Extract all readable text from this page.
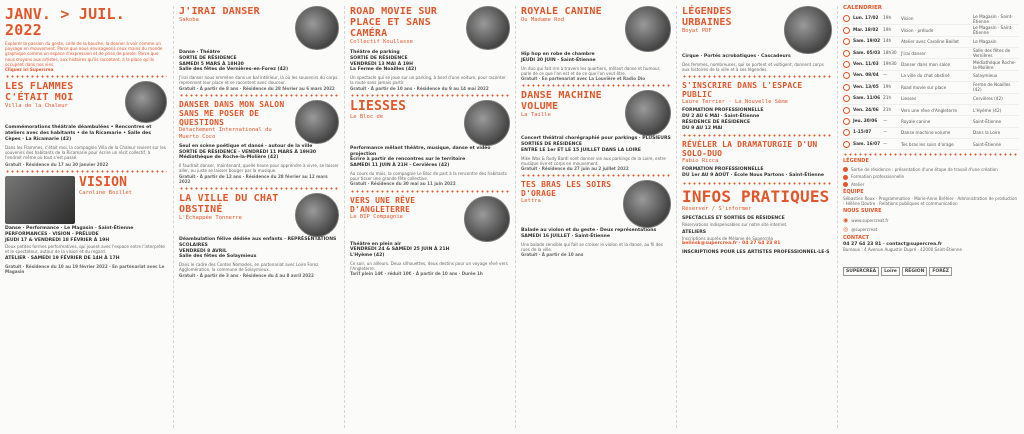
JANV. > JUIL. 2022
Explorer la passion du geste, celle de la bouche, la donner à voir comme un paysage en mouvement. Parce que nous envisageons ceux mains du monde graphique comme un espace d'expression et de prise de parole. Parce que nous croyons aux artistes, aux histoires qu'ils racontent, à la place qu'ils occupent dans nos vies.
Cliquez ici Supercrea
LES FLAMMES C'ÉTAIT MOI
Villa de la Chaleur
Commémorations théâtrale déambulées • Rencontres et ateliers avec des habitants • de la Ricamarie • Salle des Cèpes · La Ricamarie (42)
Dans les Flammes, c'était moi, la compagnie Villa de la Chaleur revient sur les souvenirs des habitants de la Ricamarie pour écrire un récit collectif, à l'endroit même où tout s'est passé.
Gratuit · Résidence du 17 au 30 janvier 2022
VISION
Caroline Boillet
Danse · Performance · Le Magasin · Saint-Étienne
PERFORMANCES · VISION · PRÉLUDE
JEUDI 17 & VENDREDI 18 FÉVRIER À 19H
Deux petites formes performatives, qui jouent avec l'espace entre l'interprète et le spectateur, autour de la vision et du regard.
ATELIER · SAMEDI 19 FÉVRIER DE 14H À 17H
Gratuit · Résidence du 10 au 19 février 2022 · En partenariat avec Le Magasin
J'IRAI DANSER
Sakoba
Danse · Théâtre
SORTIE DE RÉSIDENCE
SAMEDI 5 MARS À 18H30
Salle des fêtes de Vernières-en-Forez (42)
J'irai danser nous emmène dans un bal intérieur, là où les souvenirs du corps reprennent leur place et se racontent avec douceur.
Gratuit · À partir de 8 ans · Résidence du 28 février au 6 mars 2022
DANSER DANS MON SALON SANS ME POSER DE QUESTIONS
Détachement International du Muerto Coco
Seul en scène poétique et dansé · autour de la ville
SORTIE DE RÉSIDENCE · VENDREDI 11 MARS À 19H30
Médiathèque de Roche-la-Molière (42)
Il faudrait danser, maintenant, quelle heure pour apprendre à vivre, se laisser aller, ou juste se laisser bouger par la musique.
Gratuit · À partir de 12 ans · Résidence du 28 février au 12 mars 2022
LA VILLE DU CHAT OBSTINÉ
L'Échappée Tonnerre
Déambulation félive dédiée aux enfants · REPRÉSENTATIONS SCOLAIRES
VENDREDI 8 AVRIL
Salle des fêtes de Solaymieux
Dans le cadre des Contes Nomades, en partenariat avec Loire Forez Agglomération, la commune de Solaymieux.
Gratuit · À partir de 3 ans · Résidence du 4 au 8 avril 2022
ROAD MOVIE SUR PLACE ET SANS CAMÉRA
Collectif Koullasse
Théâtre de parking
SORTIE DE RÉSIDENCE
VENDREDI 13 MAI À 19H
La Ferme de Noailles (42)
Un spectacle qui se joue sur un parking, à bord d'une voiture, pour raconter la route sans jamais partir.
Gratuit · À partir de 10 ans · Résidence du 9 au 14 mai 2022
LIESSES
Le Bloc de
Performance mêlant théâtre, musique, danse et vidéo projection
Écrire à partir de rencontres sur le territoire
SAMEDI 11 JUIN À 21H · Cervières (42)
Au cours du mois, la compagnie Le Bloc de part à la rencontre des habitants pour tisser une grande fête collective.
Gratuit · Résidence du 30 mai au 11 juin 2022
VERS UNE RÊVE D'ANGLETERRE
Le BIP Compagnie
Théâtre en plein air
VENDREDI 24 & SAMEDI 25 JUIN À 21H
L'Hyème (42)
Ce soir, un ailleurs. Deux silhouettes, deux destins pour un voyage rêvé vers l'Angleterre.
Tarif plein 14€ · réduit 10€ · À partir de 10 ans · Durée 1h
ROYALE CANINE
Ou Madame Rod
Hip hop en robe de chambre
JEUDI 30 JUIN · Saint-Étienne
Un duo qui fait rire à travers les quartiers, mêlant danse et humour, parle de ce que l'on est et de ce que l'on veut être.
Gratuit · En partenariat avec La Louvière et Radio Dio
DANSE MACHINE VOLUME
La Taille
Concert théâtral chorégraphié pour parkings · PLUSIEURS SORTIES DE RÉSIDENCE
ENTRE LE 1er ET LE 15 JUILLET DANS LA LOIRE
Mike Wax & Rudy Bardi vont donner vie aux parkings de la Loire, entre musique live et corps en mouvement.
Gratuit · Résidence du 27 juin au 2 juillet 2022
TES BRAS LES SOIRS D'ORAGE
Lettra
Balade au violon et du geste · Deux représentations
SAMEDI 16 JUILLET · Saint-Étienne
Une balade sensible qui fait se croiser le violon et la danse, au fil des rues de la ville.
Gratuit · À partir de 10 ans
LÉGENDES URBAINES
Boyat PDF
Cirque · Portés acrobatiques · Cascadeurs
Des femmes, nombreuses, qui se portent et voltigent, donnent corps aux histoires de la ville et à ses légendes.
S'INSCRIRE DANS L'ESPACE PUBLIC
Laure Terrier · La Nouvelle Sème
FORMATION PROFESSIONNELLE
DU 2 AU 6 MAI · Saint-Étienne
RÉSIDENCE DE RÉSIDENCE
DU 9 AU 12 MAI
RÉVÉLER LA DRAMATURGIE D'UN SOLO-DUO
Fabio Ricca
FORMATION PROFESSIONNELLE
DU 1er AU 9 AOÛT · École Nous Partons · Saint-Étienne
INFOS PRATIQUES
Réserver / S'informer
SPECTACLES ET SORTIES DE RÉSIDENCE
Réservations indispensables sur notre site internet.
ATELIERS
Inscriptions auprès de Mélanie de Supercréa
belinsk@supercrea.fr · 04 27 64 23 81
INSCRIPTIONS POUR LES ARTISTES PROFESSIONNEL·LE·S
CALENDRIER
Lun. 17/02	19h	Vision	Le Magasin · Saint-Étienne
Mar. 18/02	19h	Vision · prélude	Le Magasin · Saint-Étienne
Sam. 19/02 14h	Atelier avec Caroline Boillet	Le Magasin
Sam. 05/03 18h30	J'irai danser	Salle des fêtes de Vernières
Ven. 11/03 19h30	Danser dans mon salon	Médiathèque Roche-la-Molière
Ven. 08/04 —	La ville du chat obstiné	Solaymieux
Ven. 13/05 19h	Road movie sur place	Ferme de Noailles (42)
Sam. 11/06 21h	Liesses	Cervières (42)
Ven. 24/06 21h	Vers une rêve d'Angleterre	L'Hyème (42)
Jeu. 30/06	—	Royale canine	Saint-Étienne
1-15/07	—	Danse machine volume	Dans la Loire
Sam. 16/07 —	Tes bras les soirs d'orage	Saint-Étienne
LÉGENDE
Sortie de résidence : présentation d'une étape de travail d'une création
Formation professionnelle
Atelier
ÉQUIPE
Sébastien Roux · Programmation · Marie-Anne Bréhier · Administration de production · Hélène Doutre · Relations publiques et communication
NOUS SUIVRE
◉ www.supercreat.fr
◎ @supercreat
CONTACT
04 27 64 23 81 · contact@supercrea.fr
Bureaux : 4 Avenue Augustin Dupré · 42000 Saint-Étienne
SUPERCREA Loire RÉGION FORÉZ
